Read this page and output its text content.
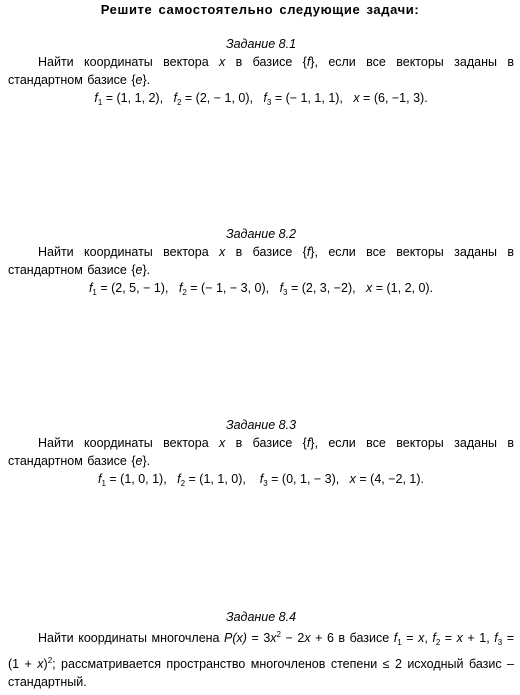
Решите самостоятельно следующие задачи:
Задание 8.1
Найти координаты вектора x в базисе {f}, если все векторы заданы в стандартном базисе {e}.
$f_1 = (1$, 1, 2),   $f_2 = (2$, − 1, 0),   $f_3$ = (− 1, 1, 1),   x = (6, −1, 3).
Задание 8.2
Найти координаты вектора x в базисе {f}, если все векторы заданы в стандартном базисе {e}.
$f_1 = (2$, 5, − 1),   $f_2$ = (− 1, − 3, 0),   $f_3 = (2$, 3, −2),   x = (1, 2, 0).
Задание 8.3
Найти координаты вектора x в базисе {f}, если все векторы заданы в стандартном базисе {e}.
$f_1 = (1$, 0, 1),   $f_2 = (1$, 1, 0),    $f_3 = (0$, 1, − 3),   x = (4, −2, 1).
Задание 8.4
Найти координаты многочлена $P(x) = 3x^2 - 2x + 6$ в базисе $f_1 = x$, $f_2 = x + 1$, $f_3 = (1 + x)^2$; рассматривается пространство многочленов степени ≤ 2 исходный базис – стандартный.
